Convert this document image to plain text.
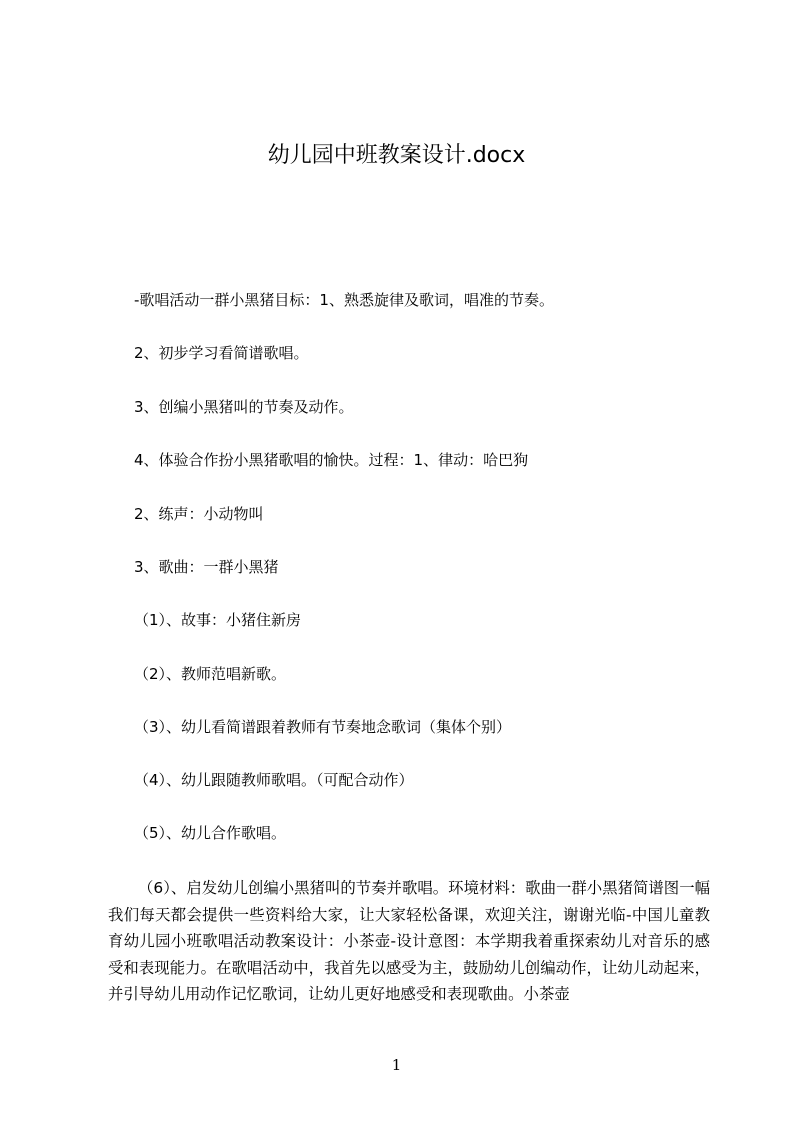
幼儿园中班教案设计.docx
-歌唱活动一群小黑猪目标：1、熟悉旋律及歌词，唱准的节奏。
2、初步学习看简谱歌唱。
3、创编小黑猪叫的节奏及动作。
4、体验合作扮小黑猪歌唱的愉快。过程：1、律动：哈巴狗
2、练声：小动物叫
3、歌曲：一群小黑猪
（1）、故事：小猪住新房
（2）、教师范唱新歌。
（3）、幼儿看简谱跟着教师有节奏地念歌词（集体个别）
（4）、幼儿跟随教师歌唱。（可配合动作）
（5）、幼儿合作歌唱。
（6）、启发幼儿创编小黑猪叫的节奏并歌唱。环境材料：歌曲一群小黑猪简谱图一幅我们每天都会提供一些资料给大家，让大家轻松备课，欢迎关注，谢谢光临-中国儿童教育幼儿园小班歌唱活动教案设计：小茶壶-设计意图：本学期我着重探索幼儿对音乐的感受和表现能力。在歌唱活动中，我首先以感受为主，鼓励幼儿创编动作，让幼儿动起来，并引导幼儿用动作记忆歌词，让幼儿更好地感受和表现歌曲。小茶壶
1
